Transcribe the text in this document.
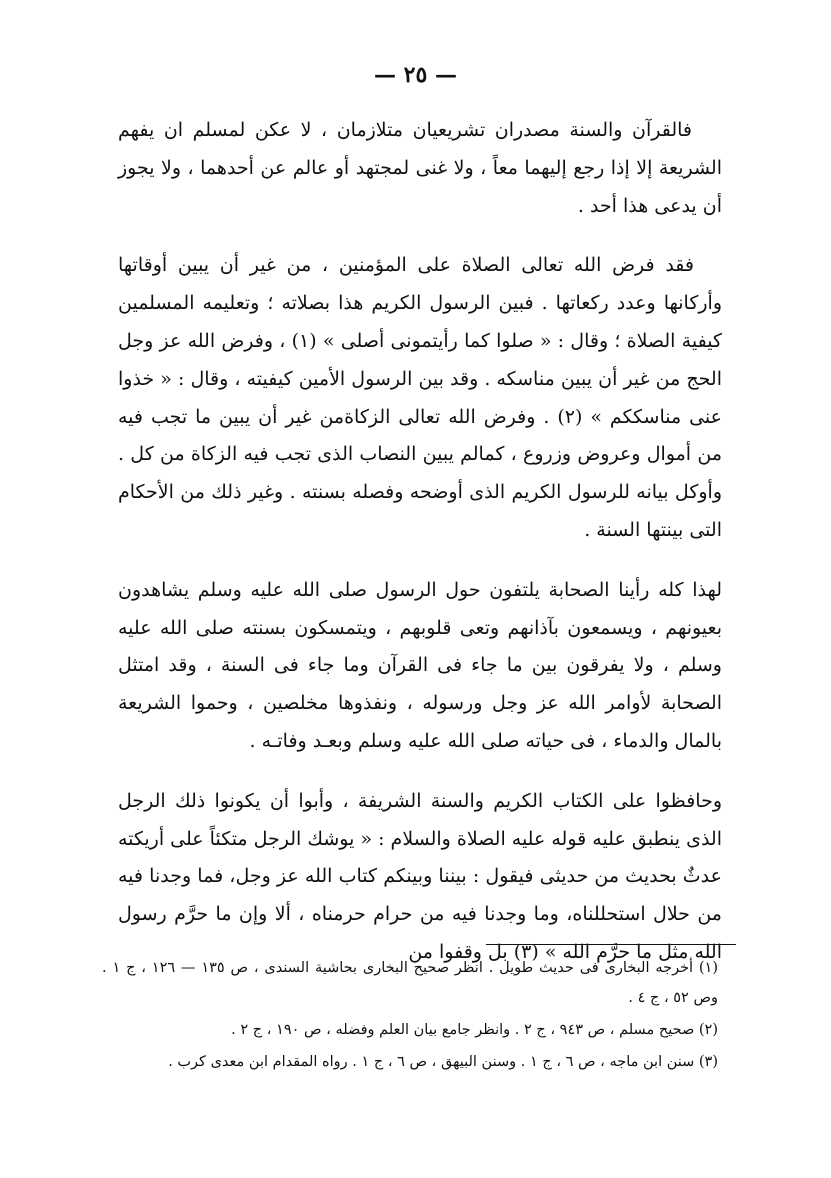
— ٢٥ —

فالقرآن والسنة مصدران تشريعيان متلازمان ، لا عكن لمسلم ان يفهم الشريعة إلا إذا رجع إليهما معاً ، ولا غنى لمجتهد أو عالم عن أحدهما ، ولا يجوز أن يدعى هذا أحد .

فقد فرض الله تعالى الصلاة على المؤمنين ، من غير أن يبين أوقاتها وأركانها وعدد ركعاتها . فبين الرسول الكريم هذا بصلاته ؛ وتعليمه المسلمين كيفية الصلاة ؛ وقال : « صلوا كما رأيتمونى أصلى » (١) ، وفرض الله عز وجل الحج من غير أن يبين مناسكه . وقد بين الرسول الأمين كيفيته ، وقال : « خذوا عنى مناسككم » (٢) . وفرض الله تعالى الزكاةمن غير أن يبين ما تجب فيه من أموال وعروض وزروع ، كمالم يبين النصاب الذى تجب فيه الزكاة من كل . وأوكل بيانه للرسول الكريم الذى أوضحه وفصله بسنته . وغير ذلك من الأحكام التى بينتها السنة .

لهذا كله رأينا الصحابة يلتفون حول الرسول صلى الله عليه وسلم يشاهدون بعيونهم ، ويسمعون بآذانهم وتعى قلوبهم ، ويتمسكون بسنته صلى الله عليه وسلم ، ولا يفرقون بين ما جاء فى القرآن وما جاء فى السنة ، وقد امتثل الصحابة لأوامر الله عز وجل ورسوله ، ونفذوها مخلصين ، وحموا الشريعة بالمال والدماء ، فى حياته صلى الله عليه وسلم وبعـد وفاتـه .

وحافظوا على الكتاب الكريم والسنة الشريفة ، وأبوا أن يكونوا ذلك الرجل الذى ينطبق عليه قوله عليه الصلاة والسلام : « يوشك الرجل متكئاً على أريكته عدثٌ بحديث من حديثى فيقول : بيننا وبينكم كتاب الله عز وجل، فما وجدنا فيه من حلال استحللناه، وما وجدنا فيه من حرام حرمناه ، ألا وإن ما حرَّم رسول الله مثل ما حرَّم الله » (٣) بل وقفوا من

(١) أخرجه البخارى فى حديث طويل . انظر صحيح البخارى بحاشية السندى ، ص ١٣٥ — ١٢٦ ، ج ١ . وص ٥٢ ، ج ٤ .

(٢) صحيح مسلم ، ص ٩٤٣ ، ج ٢ . وانظر جامع بيان العلم وفضله ، ص ١٩٠ ، ج ٢ .

(٣) سنن ابن ماجه ، ص ٦ ، ج ١ . وسنن البيهق ، ص ٦ ، ج ١ . رواه المقدام ابن معدى كرب .
